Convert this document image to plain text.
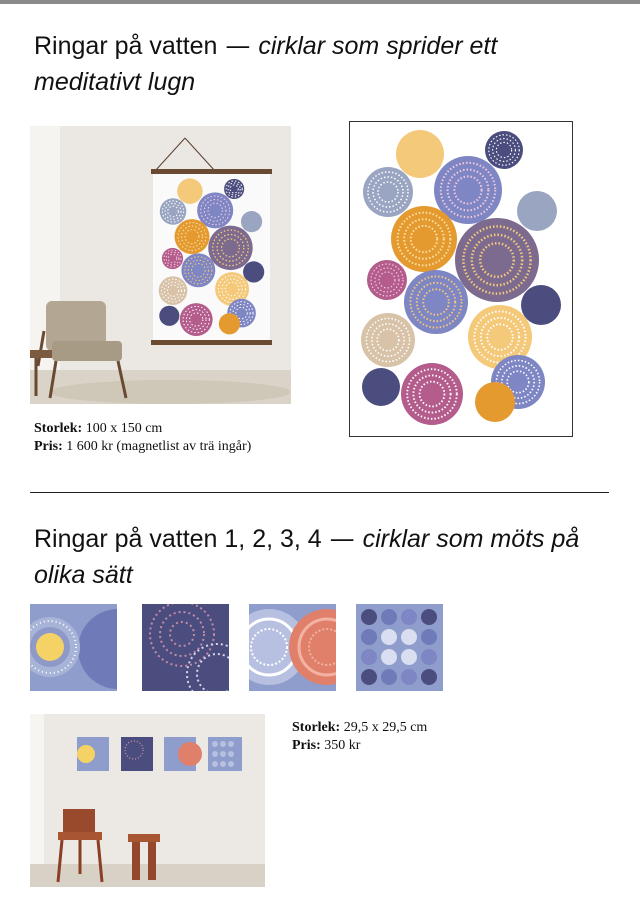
Ringar på vatten — cirklar som sprider ett meditativt lugn
Storlek: 100 x 150 cm
Pris: 1 600 kr (magnetlist av trä ingår)
Ringar på vatten 1, 2, 3, 4 — cirklar som möts på olika sätt
Storlek: 29,5 x 29,5 cm
Pris: 350 kr
